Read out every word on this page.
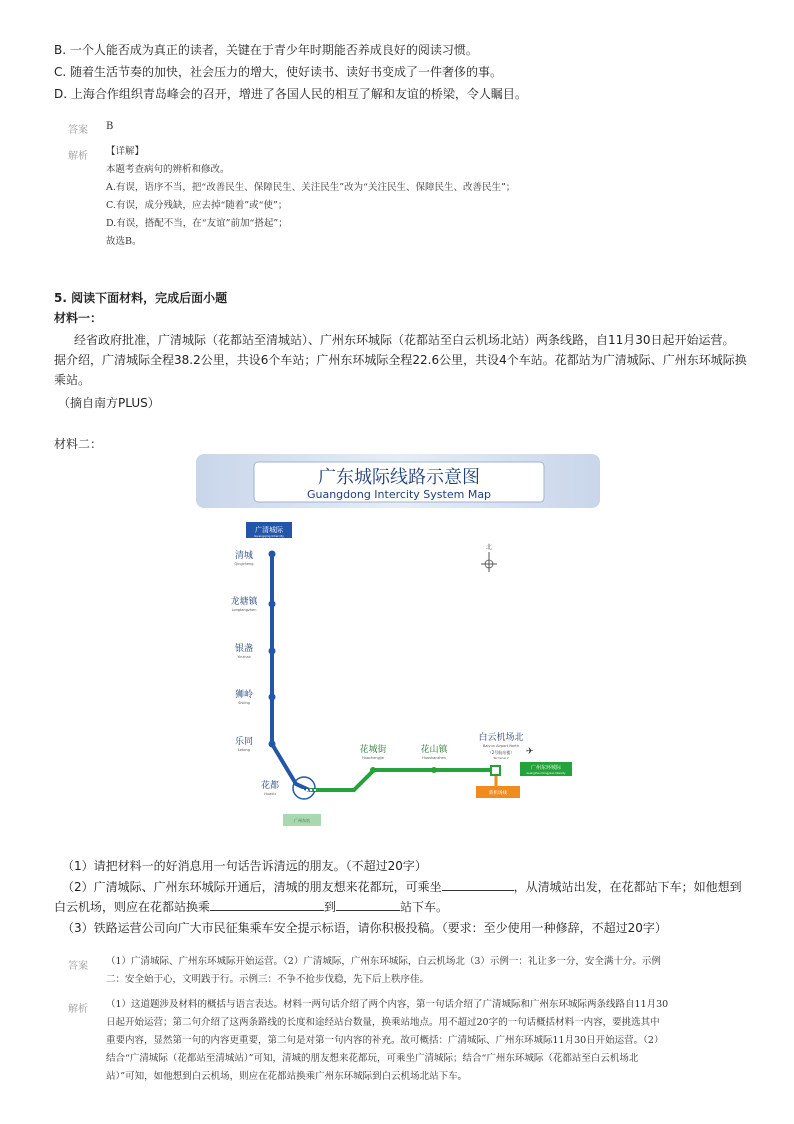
B. 一个人能否成为真正的读者，关键在于青少年时期能否养成良好的阅读习惯。
C. 随着生活节奏的加快，社会压力的增大，使好读书、读好书变成了一件奢侈的事。
D. 上海合作组织青岛峰会的召开，增进了各国人民的相互了解和友谊的桥梁，令人瞩目。
答案 B
解析 【详解】
本题考查病句的辨析和修改。
A.有误，语序不当，把“改善民生、保障民生、关注民生”改为“关注民生、保障民生、改善民生”；
C.有误，成分残缺，应去掉“随着”或“使”；
D.有误，搭配不当，在“友谊”前加“搭起”；
故选B。
5. 阅读下面材料，完成后面小题
材料一：
经省政府批准，广清城际（花都站至清城站）、广州东环城际（花都站至白云机场北站）两条线路，自11月30日起开始运营。
据介绍，广清城际全程38.2公里，共设6个车站；广州东环城际全程22.6公里，共设4个车站。花都站为广清城际、广州东环城际换
乘站。
（摘自南方PLUS）
材料二：
广东城际线路示意图
Guangdong Intercity System Map
北
广清城际
Guangqing Intercity
清城
Qingcheng
龙塘镇
Longtangzhen
银盏
Yinzhan
狮岭
Shiling
乐同
Letong
花都
Huadu
广州东站
花城街
Huachengjie
花山镇
Huashanzhen
白云机场北
Baiyun Airport North
（2号航站楼）
Terminal 2
✈
广州东环城际
Guangzhou Dongyuan Intercity
新机场线
（1）请把材料一的好消息用一句话告诉清远的朋友。（不超过20字）
（2）广清城际、广州东环城际开通后，清城的朋友想来花都玩，可乘坐	，从清城站出发，在花都站下车；如他想到
白云机场，则应在花都站换乘	到	站下车。
（3）铁路运营公司向广大市民征集乘车安全提示标语，请你积极投稿。（要求：至少使用一种修辞，不超过20字）
答案 （1）广清城际、广州东环城际开始运营。（2）广清城际，广州东环城际，白云机场北（3）示例一：礼让多一分，安全满十分。示例
二：安全始于心，文明践于行。示例三：不争不抢步伐稳，先下后上秩序佳。
解析 （1）这道题涉及材料的概括与语言表达。材料一两句话介绍了两个内容，第一句话介绍了广清城际和广州东环城际两条线路自11月30
日起开始运营；第二句介绍了这两条路线的长度和途经站台数量，换乘站地点。用不超过20字的一句话概括材料一内容，要挑选其中
重要内容，显然第一句的内容更重要，第二句是对第一句内容的补充。故可概括：广清城际、广州东环城际11月30日开始运营。（2）
结合“广清城际（花都站至清城站）”可知，清城的朋友想来花都玩，可乘坐广清城际；结合“广州东环城际（花都站至白云机场北
站）”可知，如他想到白云机场，则应在花都站换乘广州东环城际到白云机场北站下车。
